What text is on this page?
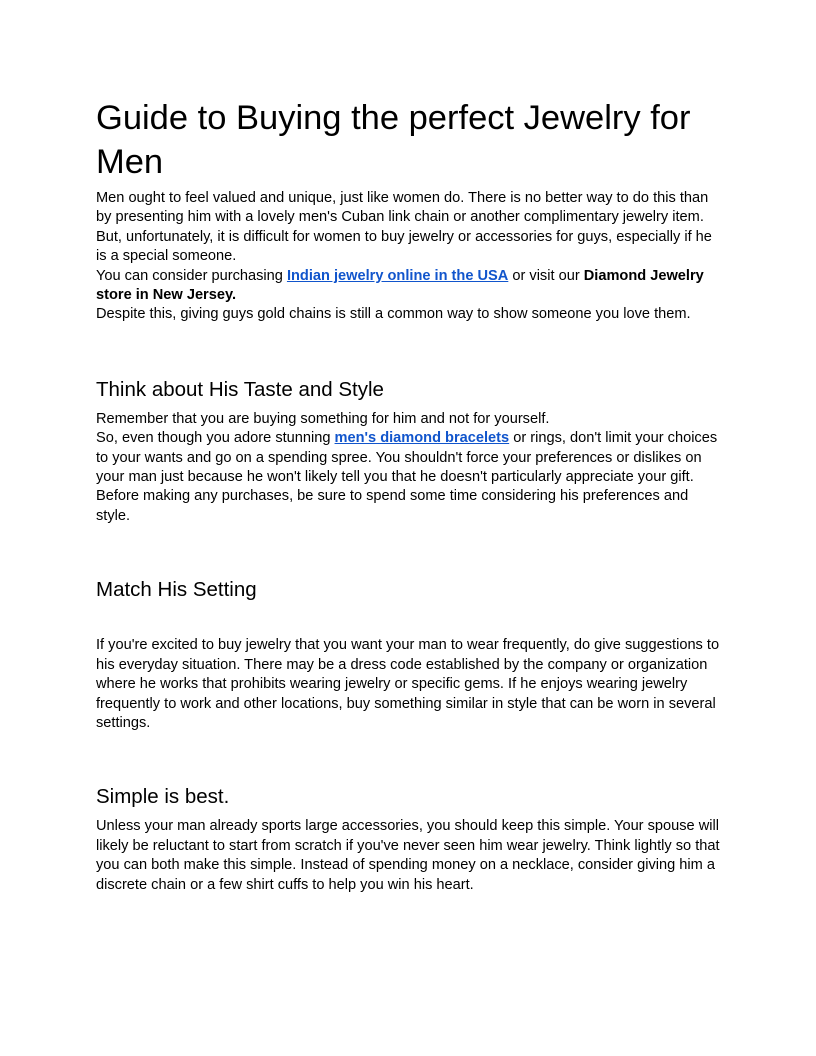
Guide to Buying the perfect Jewelry for Men

Men ought to feel valued and unique, just like women do. There is no better way to do this than by presenting him with a lovely men's Cuban link chain or another complimentary jewelry item. But, unfortunately, it is difficult for women to buy jewelry or accessories for guys, especially if he is a special someone.

You can consider purchasing Indian jewelry online in the USA or visit our Diamond Jewelry store in New Jersey.

Despite this, giving guys gold chains is still a common way to show someone you love them.

Think about His Taste and Style

Remember that you are buying something for him and not for yourself.

So, even though you adore stunning men's diamond bracelets or rings, don't limit your choices to your wants and go on a spending spree. You shouldn't force your preferences or dislikes on your man just because he won't likely tell you that he doesn't particularly appreciate your gift. Before making any purchases, be sure to spend some time considering his preferences and style.

Match His Setting

If you're excited to buy jewelry that you want your man to wear frequently, do give suggestions to his everyday situation. There may be a dress code established by the company or organization where he works that prohibits wearing jewelry or specific gems. If he enjoys wearing jewelry frequently to work and other locations, buy something similar in style that can be worn in several settings.

Simple is best.

Unless your man already sports large accessories, you should keep this simple. Your spouse will likely be reluctant to start from scratch if you've never seen him wear jewelry. Think lightly so that you can both make this simple. Instead of spending money on a necklace, consider giving him a discrete chain or a few shirt cuffs to help you win his heart.
